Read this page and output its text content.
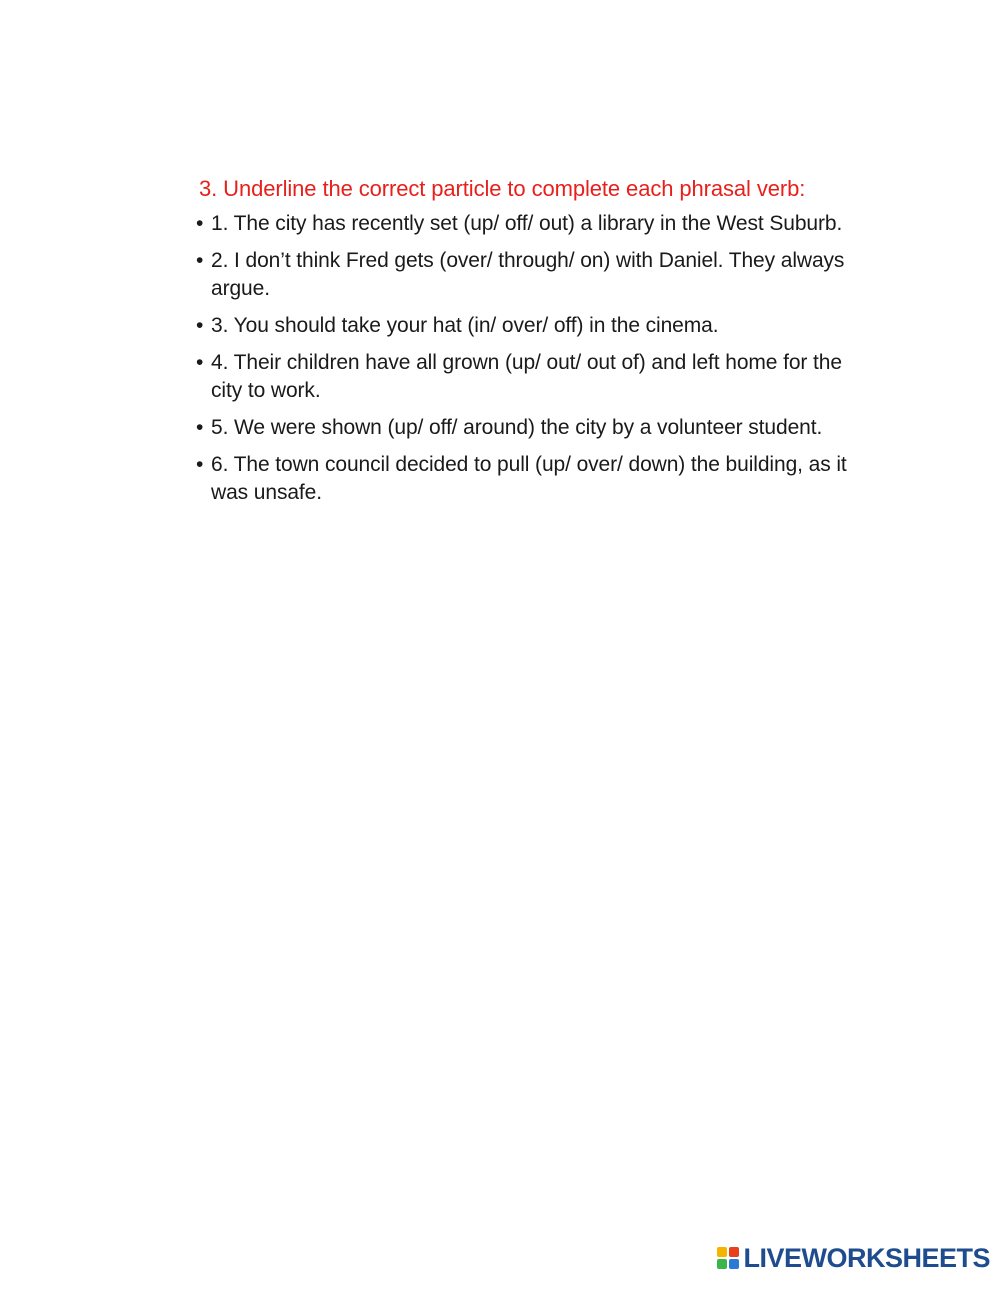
3. Underline the correct particle to complete each phrasal verb:
• 1. The city has recently set (up/ off/ out) a library in the West Suburb.
• 2. I don’t think Fred gets (over/ through/ on) with Daniel. They always argue.
• 3. You should take your hat (in/ over/ off) in the cinema.
• 4. Their children have all grown (up/ out/ out of) and left home for the city to work.
• 5. We were shown (up/ off/ around) the city by a volunteer student.
• 6. The town council decided to pull (up/ over/ down) the building, as it was unsafe.
LIVEWORKSHEETS
